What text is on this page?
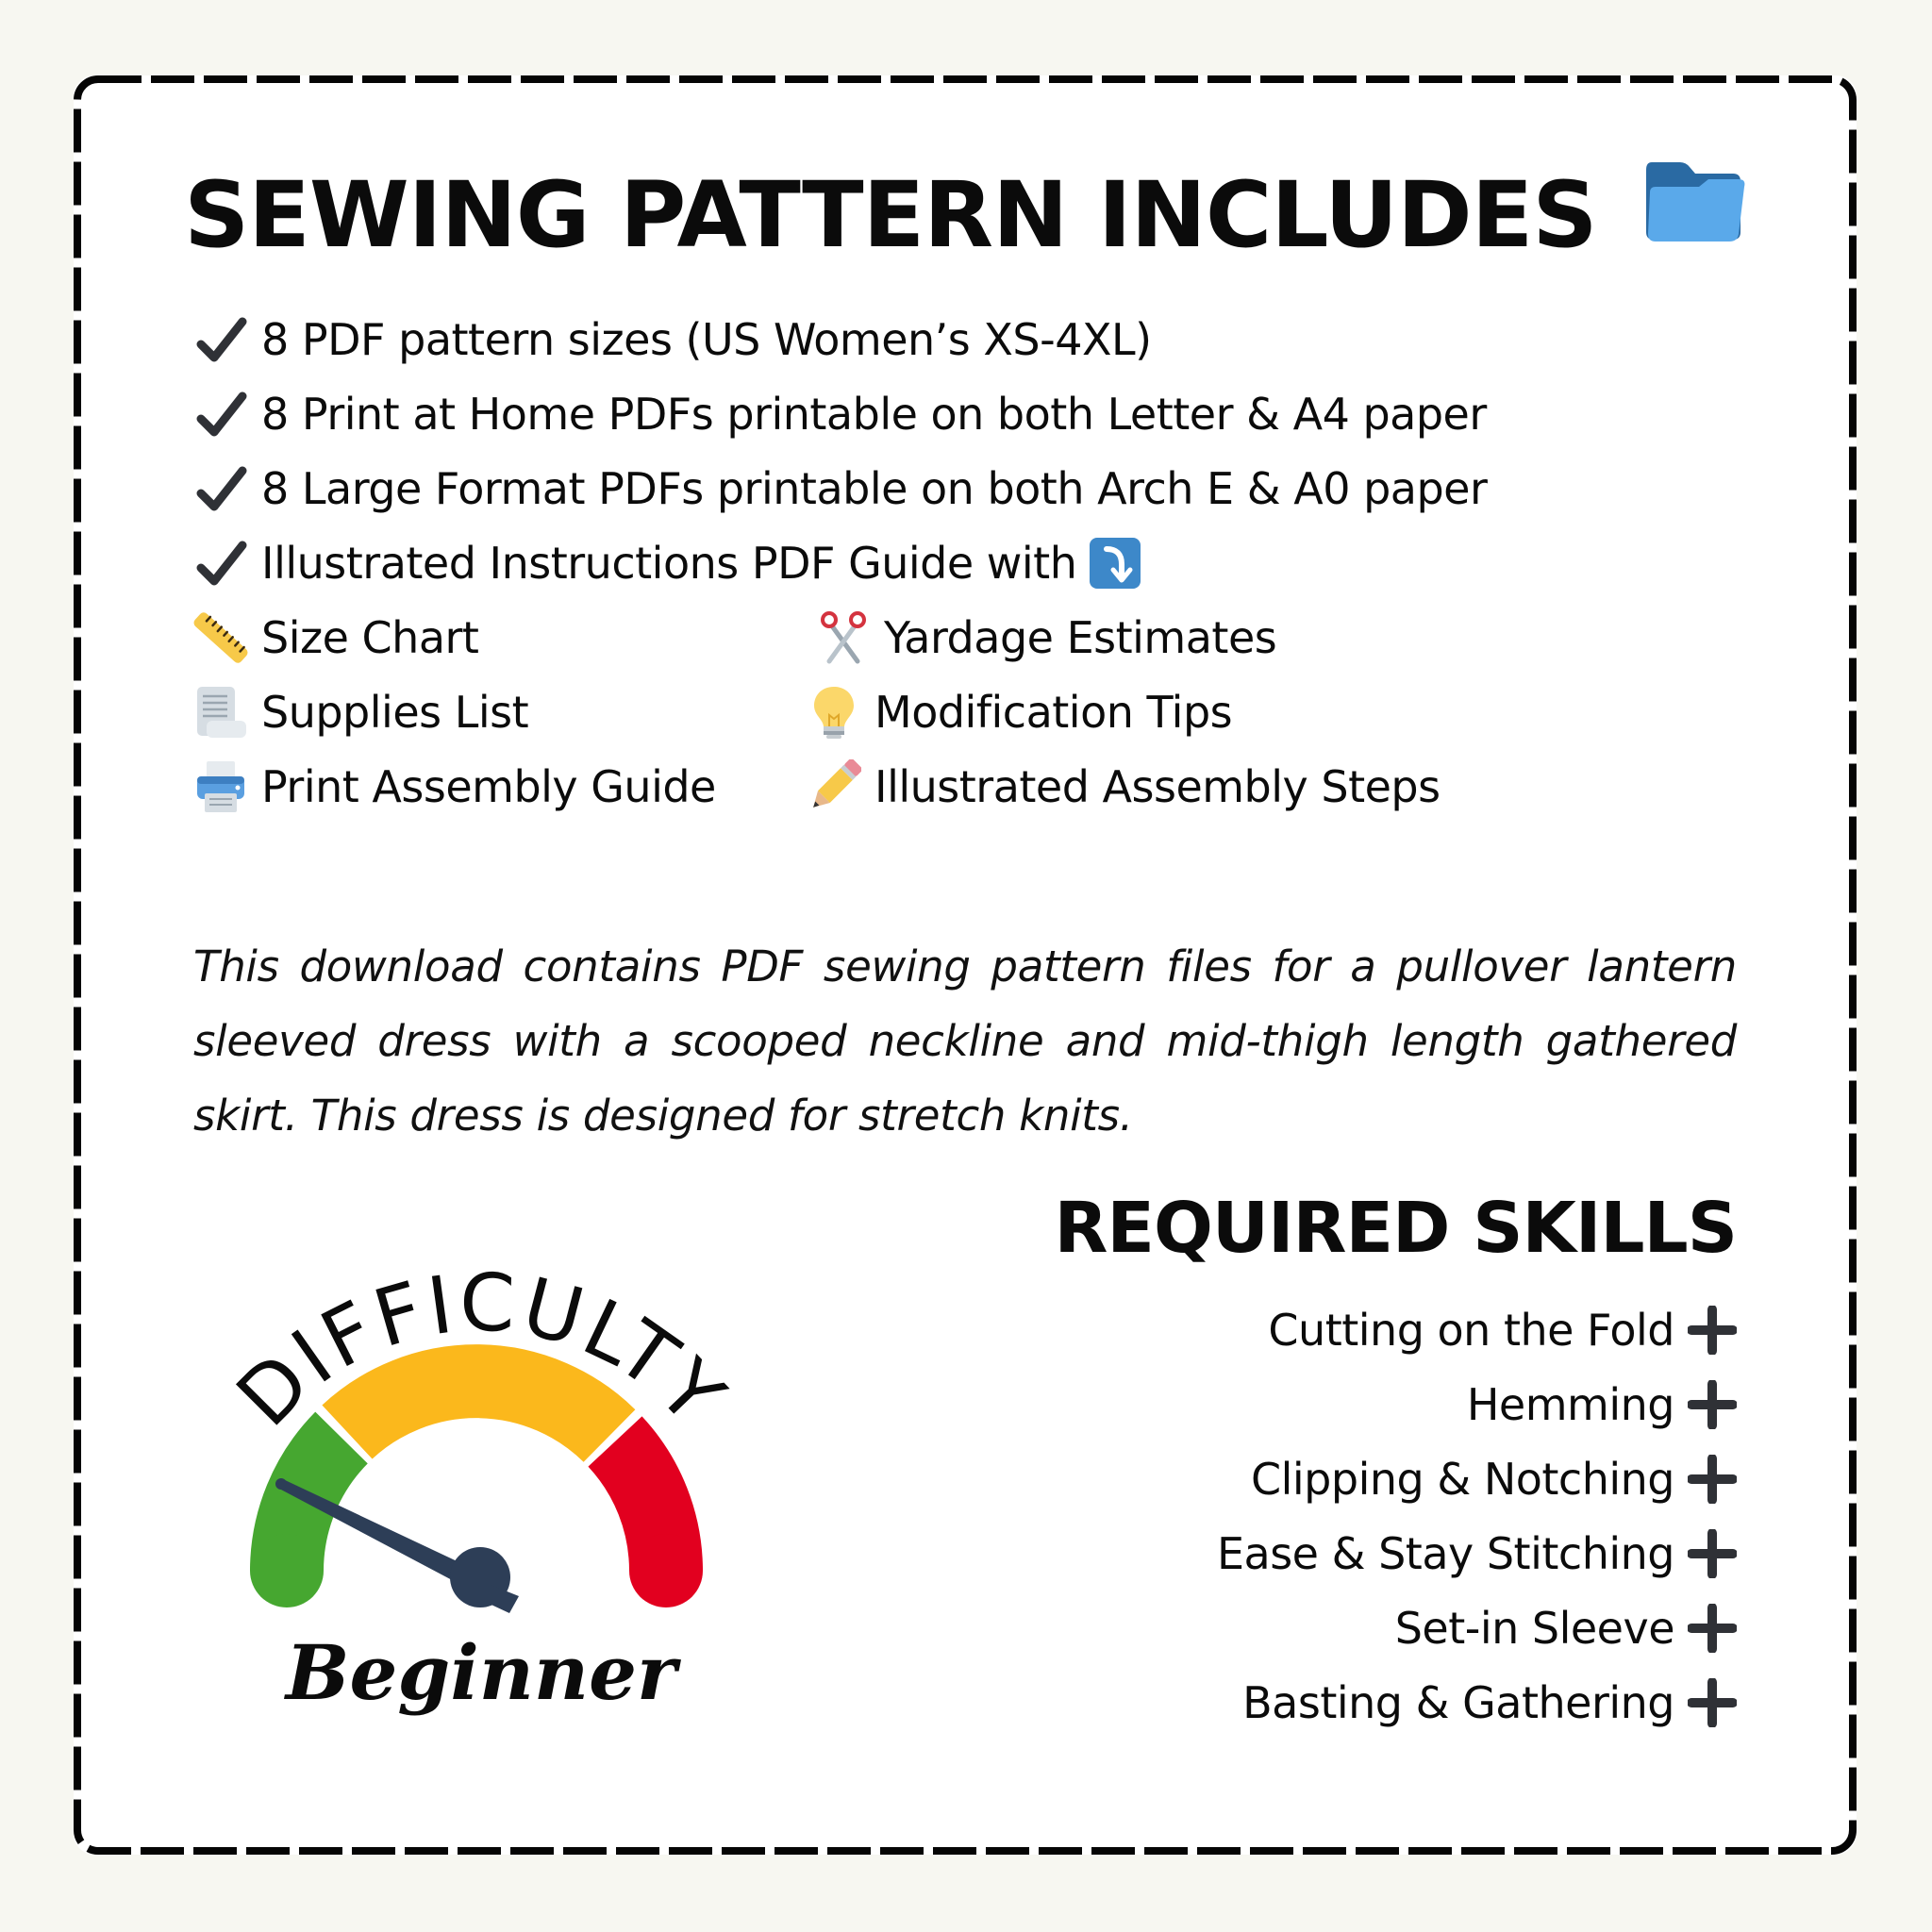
SEWING PATTERN INCLUDES
8 PDF pattern sizes (US Women’s XS-4XL)
8 Print at Home PDFs printable on both Letter & A4 paper
8 Large Format PDFs printable on both Arch E & A0 paper
Illustrated Instructions PDF Guide with
Size Chart	Yardage Estimates
Supplies List	Modification Tips
Print Assembly Guide	Illustrated Assembly Steps

This download contains PDF sewing pattern files for a pullover lantern sleeved dress with a scooped neckline and mid-thigh length gathered skirt. This dress is designed for stretch knits.

DIFFICULTY
Beginner
REQUIRED SKILLS
Cutting on the Fold
Hemming
Clipping & Notching
Ease & Stay Stitching
Set-in Sleeve
Basting & Gathering
